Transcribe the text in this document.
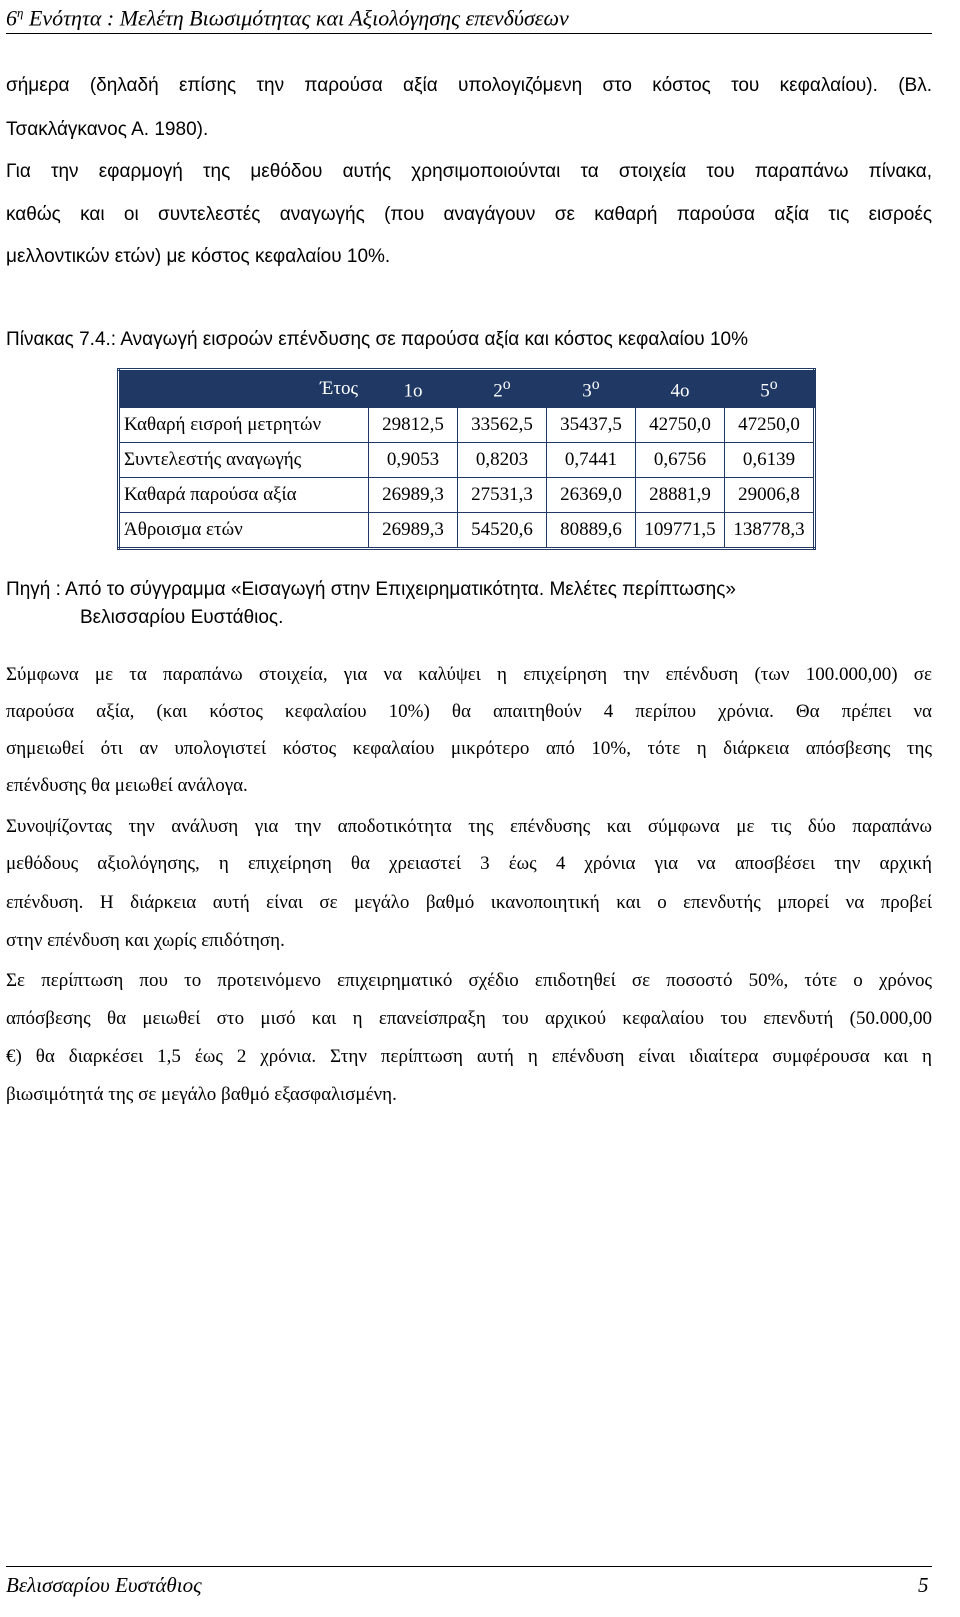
$6^\eta$ Ενότητα : Μελέτη Βιωσιμότητας και Αξιολόγησης επενδύσεων
σήμερα (δηλαδή επίσης την παρούσα αξία υπολογιζόμενη στο κόστος του κεφαλαίου). (Βλ.
Τσακλάγκανος Α. 1980).
Για την εφαρμογή της μεθόδου αυτής χρησιμοποιούνται τα στοιχεία του παραπάνω πίνακα,
καθώς και οι συντελεστές αναγωγής (που αναγάγουν σε καθαρή παρούσα αξία τις εισροές
μελλοντικών ετών) με κόστος κεφαλαίου 10%.
Πίνακας 7.4.: Αναγωγή εισροών επένδυσης σε παρούσα αξία και κόστος κεφαλαίου 10%
Έτος	1ο	$2^o$	$3^o$	4ο	$5^o$
Καθαρή εισροή μετρητών	29812,5	33562,5	35437,5	42750,0	47250,0
Συντελεστής αναγωγής	0,9053	0,8203	0,7441	0,6756	0,6139
Καθαρά παρούσα αξία	26989,3	27531,3	26369,0	28881,9	29006,8
Άθροισμα ετών	26989,3	54520,6	80889,6	109771,5	138778,3
Πηγή : Από το σύγγραμμα «Εισαγωγή στην Επιχειρηματικότητα. Μελέτες περίπτωσης»
Βελισσαρίου Ευστάθιος.
Σύμφωνα με τα παραπάνω στοιχεία, για να καλύψει η επιχείρηση την επένδυση (των 100.000,00) σε
παρούσα αξία, (και κόστος κεφαλαίου 10%) θα απαιτηθούν 4 περίπου χρόνια. Θα πρέπει να
σημειωθεί ότι αν υπολογιστεί κόστος κεφαλαίου μικρότερο από 10%, τότε η διάρκεια απόσβεσης της
επένδυσης θα μειωθεί ανάλογα.
Συνοψίζοντας την ανάλυση για την αποδοτικότητα της επένδυσης και σύμφωνα με τις δύο παραπάνω
μεθόδους αξιολόγησης, η επιχείρηση θα χρειαστεί 3 έως 4 χρόνια για να αποσβέσει την αρχική
επένδυση. Η διάρκεια αυτή είναι σε μεγάλο βαθμό ικανοποιητική και ο επενδυτής μπορεί να προβεί
στην επένδυση και χωρίς επιδότηση.
Σε περίπτωση που το προτεινόμενο επιχειρηματικό σχέδιο επιδοτηθεί σε ποσοστό 50%, τότε ο χρόνος
απόσβεσης θα μειωθεί στο μισό και η επανείσπραξη του αρχικού κεφαλαίου του επενδυτή (50.000,00
€) θα διαρκέσει 1,5 έως 2 χρόνια. Στην περίπτωση αυτή η επένδυση είναι ιδιαίτερα συμφέρουσα και η
βιωσιμότητά της σε μεγάλο βαθμό εξασφαλισμένη.
Βελισσαρίου Ευστάθιος	5
